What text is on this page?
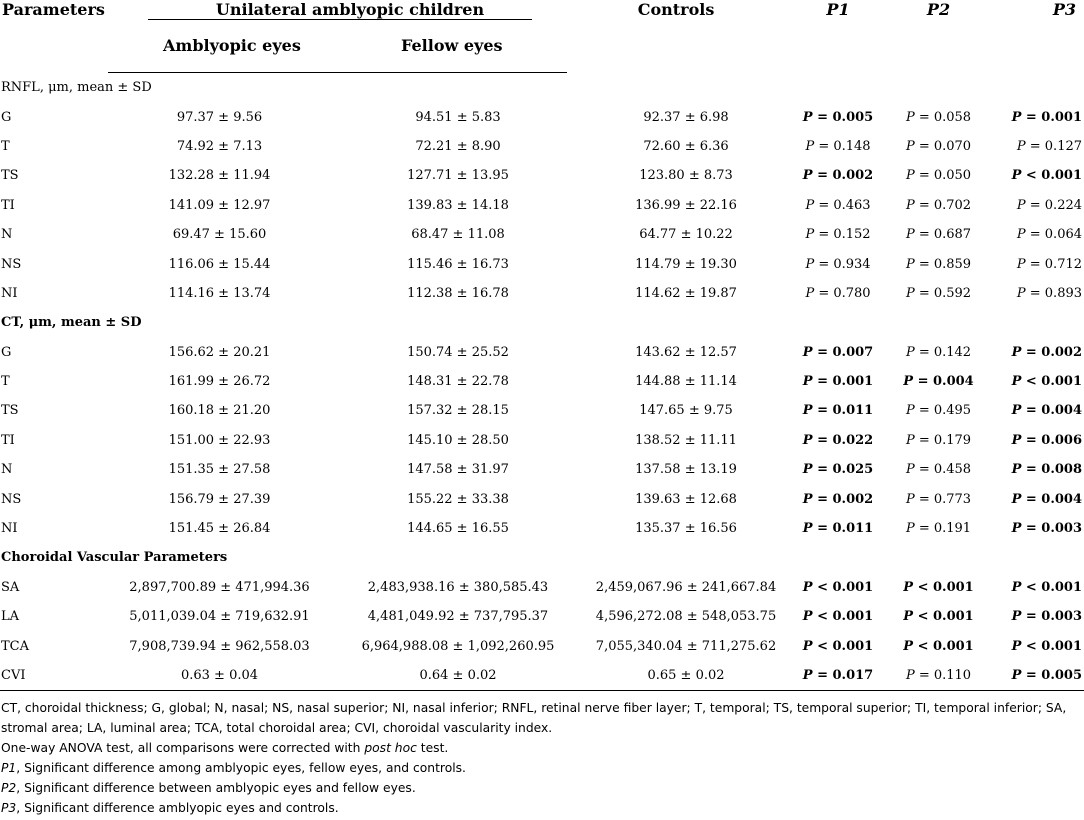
Parameters	Unilateral amblyopic children		Controls	P1	P2	P3
	Amblyopic eyes	Fellow eyes				
RNFL, μm, mean ± SD						
G	97.37 ± 9.56	94.51 ± 5.83	92.37 ± 6.98	P = 0.005	P = 0.058	P = 0.001
T	74.92 ± 7.13	72.21 ± 8.90	72.60 ± 6.36	P = 0.148	P = 0.070	P = 0.127
TS	132.28 ± 11.94	127.71 ± 13.95	123.80 ± 8.73	P = 0.002	P = 0.050	P < 0.001
TI	141.09 ± 12.97	139.83 ± 14.18	136.99 ± 22.16	P = 0.463	P = 0.702	P = 0.224
N	69.47 ± 15.60	68.47 ± 11.08	64.77 ± 10.22	P = 0.152	P = 0.687	P = 0.064
NS	116.06 ± 15.44	115.46 ± 16.73	114.79 ± 19.30	P = 0.934	P = 0.859	P = 0.712
NI	114.16 ± 13.74	112.38 ± 16.78	114.62 ± 19.87	P = 0.780	P = 0.592	P = 0.893
CT, μm, mean ± SD						
G	156.62 ± 20.21	150.74 ± 25.52	143.62 ± 12.57	P = 0.007	P = 0.142	P = 0.002
T	161.99 ± 26.72	148.31 ± 22.78	144.88 ± 11.14	P = 0.001	P = 0.004	P < 0.001
TS	160.18 ± 21.20	157.32 ± 28.15	147.65 ± 9.75	P = 0.011	P = 0.495	P = 0.004
TI	151.00 ± 22.93	145.10 ± 28.50	138.52 ± 11.11	P = 0.022	P = 0.179	P = 0.006
N	151.35 ± 27.58	147.58 ± 31.97	137.58 ± 13.19	P = 0.025	P = 0.458	P = 0.008
NS	156.79 ± 27.39	155.22 ± 33.38	139.63 ± 12.68	P = 0.002	P = 0.773	P = 0.004
NI	151.45 ± 26.84	144.65 ± 16.55	135.37 ± 16.56	P = 0.011	P = 0.191	P = 0.003
Choroidal Vascular Parameters						
SA	2,897,700.89 ± 471,994.36	2,483,938.16 ± 380,585.43	2,459,067.96 ± 241,667.84	P < 0.001	P < 0.001	P < 0.001
LA	5,011,039.04 ± 719,632.91	4,481,049.92 ± 737,795.37	4,596,272.08 ± 548,053.75	P < 0.001	P < 0.001	P = 0.003
TCA	7,908,739.94 ± 962,558.03	6,964,988.08 ± 1,092,260.95	7,055,340.04 ± 711,275.62	P < 0.001	P < 0.001	P < 0.001
CVI	0.63 ± 0.04	0.64 ± 0.02	0.65 ± 0.02	P = 0.017	P = 0.110	P = 0.005

CT, choroidal thickness; G, global; N, nasal; NS, nasal superior; NI, nasal inferior; RNFL, retinal nerve fiber layer; T, temporal; TS, temporal superior; TI, temporal inferior; SA, stromal area; LA, luminal area; TCA, total choroidal area; CVI, choroidal vascularity index.

One-way ANOVA test, all comparisons were corrected with post hoc test.

P1, Significant difference among amblyopic eyes, fellow eyes, and controls.

P2, Significant difference between amblyopic eyes and fellow eyes.

P3, Significant difference amblyopic eyes and controls.
